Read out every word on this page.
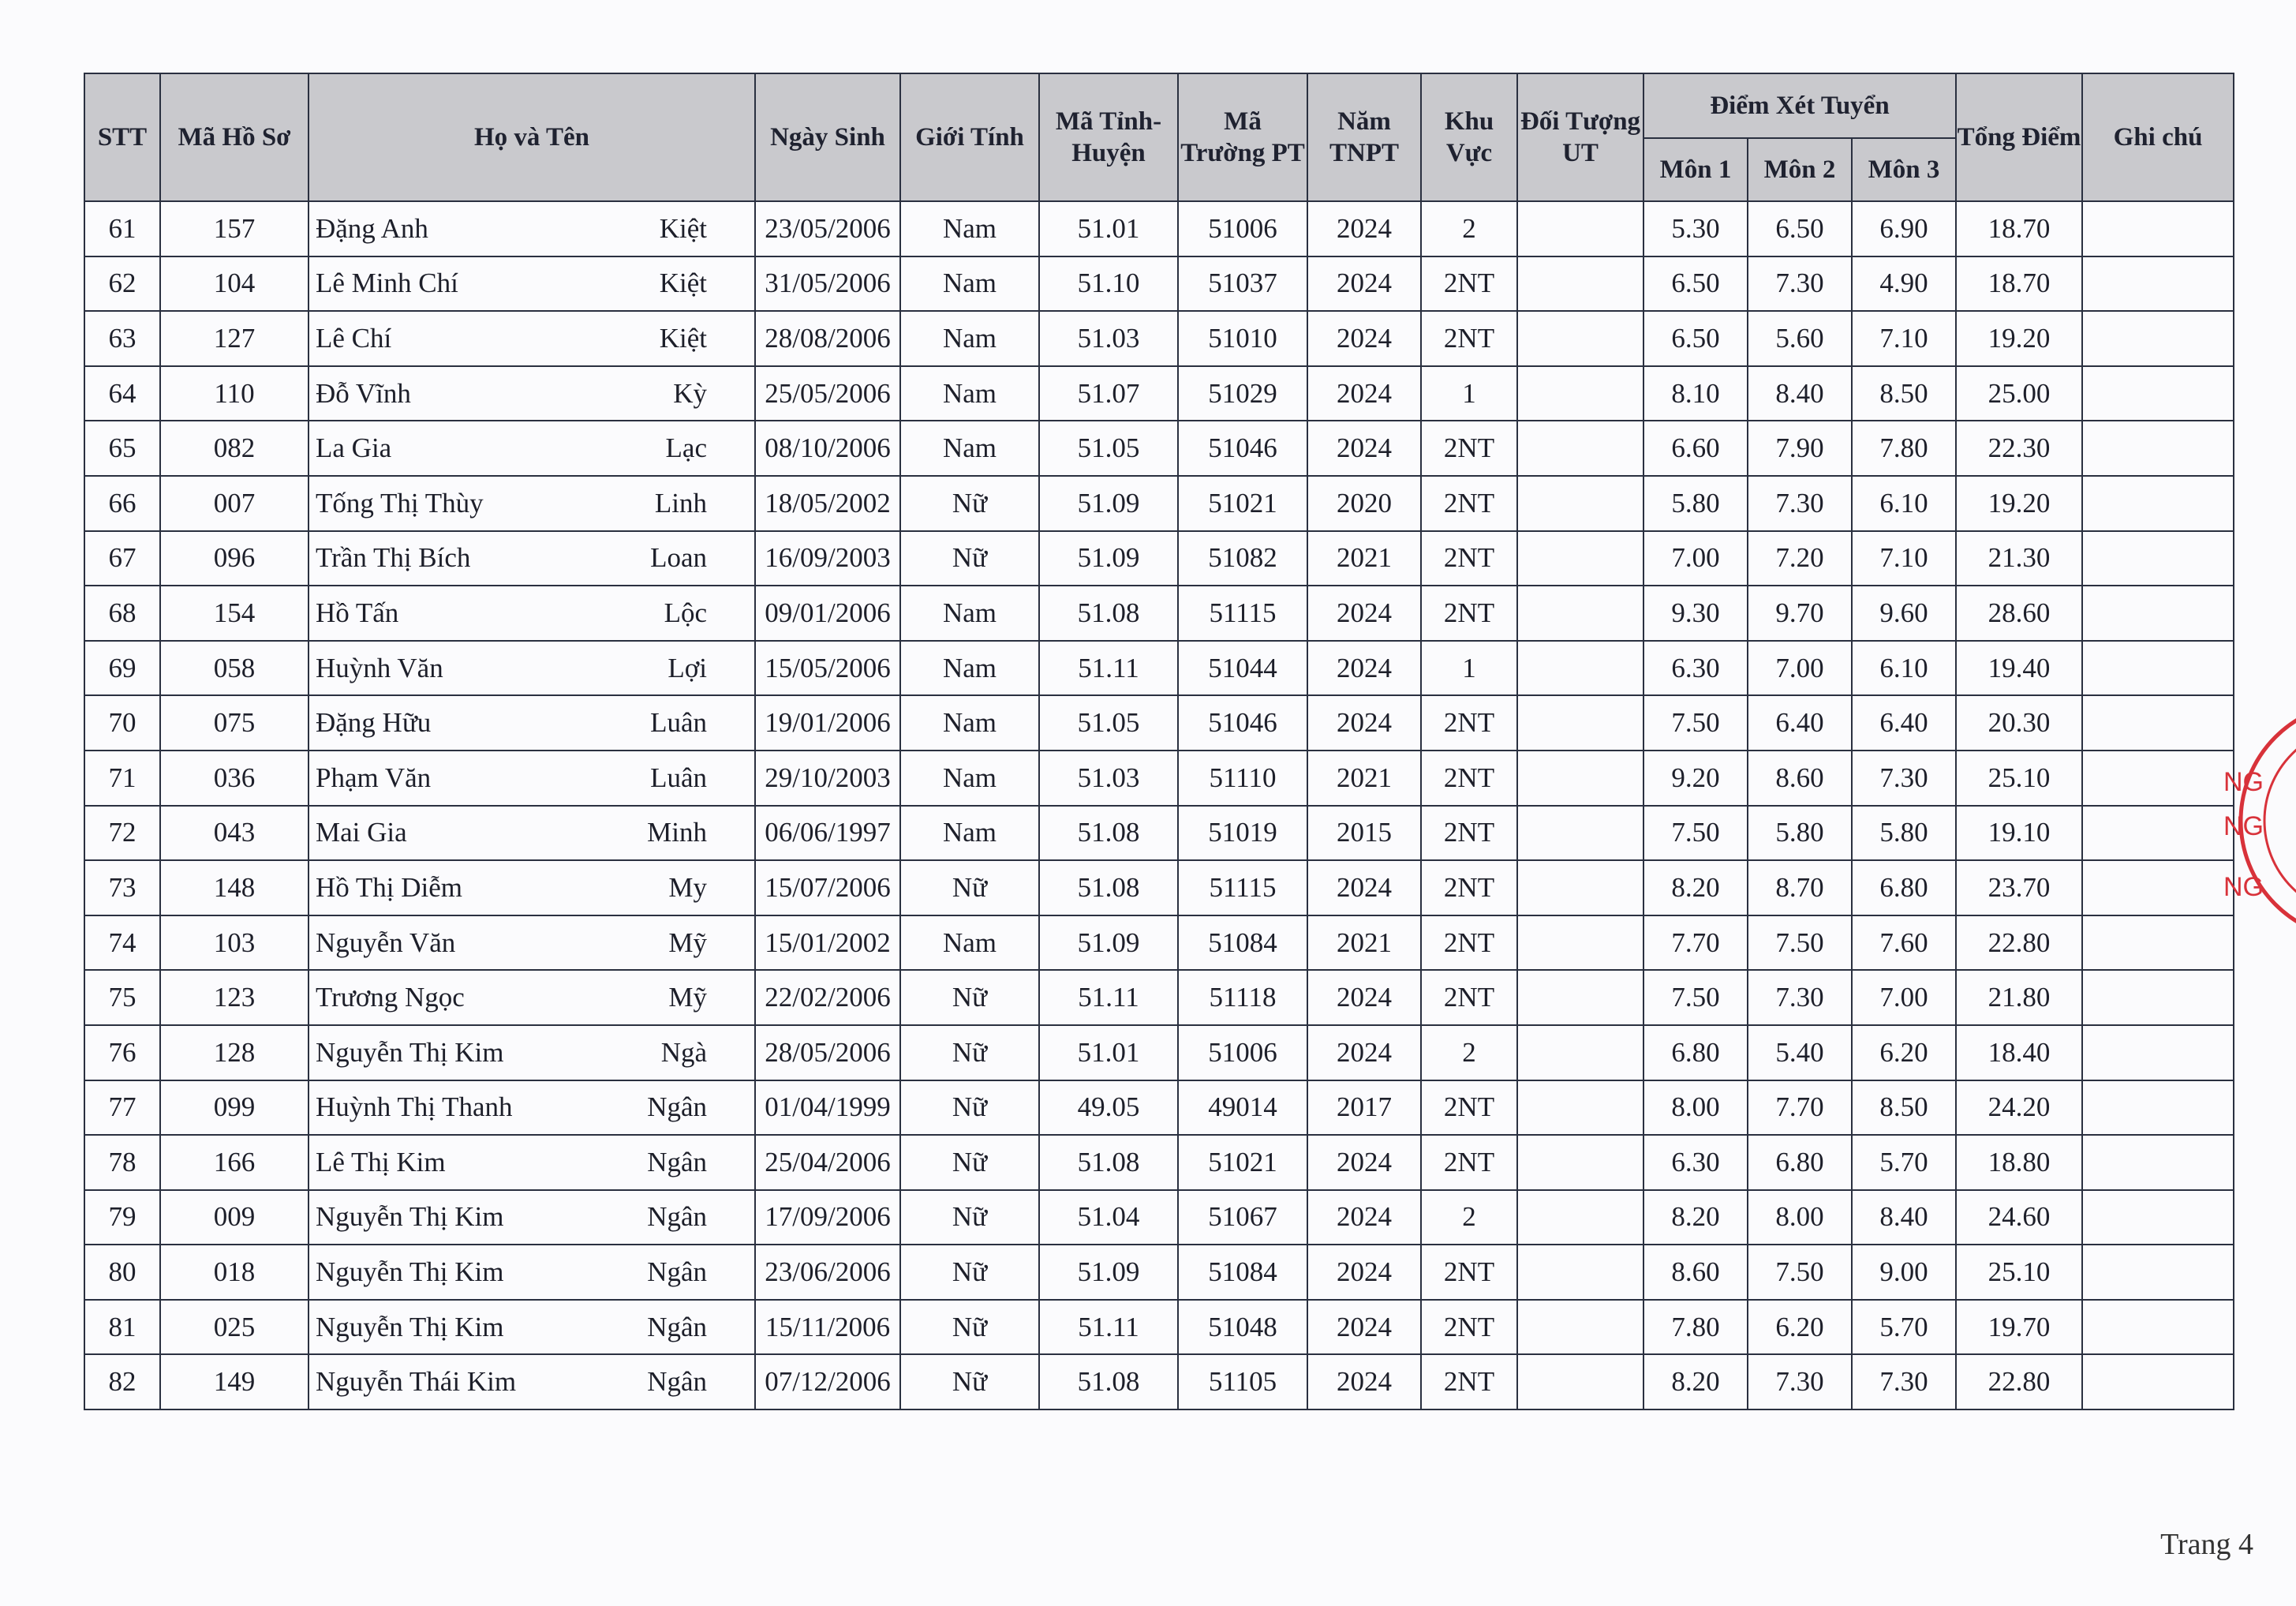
STT	Mã Hồ Sơ	Họ và Tên	Ngày Sinh	Giới Tính	Mã Tỉnh-Huyện	Mã Trường PT	Năm TNPT	Khu Vực	Đối Tượng UT	Điểm Xét Tuyển			Tổng Điểm	Ghi chú
										Môn 1	Môn 2	Môn 3		
61	157	Đặng Anh Kiệt	23/05/2006	Nam	51.01	51006	2024	2		5.30	6.50	6.90	18.70	
62	104	Lê Minh Chí Kiệt	31/05/2006	Nam	51.10	51037	2024	2NT		6.50	7.30	4.90	18.70	
63	127	Lê Chí Kiệt	28/08/2006	Nam	51.03	51010	2024	2NT		6.50	5.60	7.10	19.20	
64	110	Đỗ Vĩnh Kỳ	25/05/2006	Nam	51.07	51029	2024	1		8.10	8.40	8.50	25.00	
65	082	La Gia Lạc	08/10/2006	Nam	51.05	51046	2024	2NT		6.60	7.90	7.80	22.30	
66	007	Tống Thị Thùy Linh	18/05/2002	Nữ	51.09	51021	2020	2NT		5.80	7.30	6.10	19.20	
67	096	Trần Thị Bích Loan	16/09/2003	Nữ	51.09	51082	2021	2NT		7.00	7.20	7.10	21.30	
68	154	Hồ Tấn Lộc	09/01/2006	Nam	51.08	51115	2024	2NT		9.30	9.70	9.60	28.60	
69	058	Huỳnh Văn Lợi	15/05/2006	Nam	51.11	51044	2024	1		6.30	7.00	6.10	19.40	
70	075	Đặng Hữu Luân	19/01/2006	Nam	51.05	51046	2024	2NT		7.50	6.40	6.40	20.30	
71	036	Phạm Văn Luân	29/10/2003	Nam	51.03	51110	2021	2NT		9.20	8.60	7.30	25.10	
72	043	Mai Gia Minh	06/06/1997	Nam	51.08	51019	2015	2NT		7.50	5.80	5.80	19.10	
73	148	Hồ Thị Diễm My	15/07/2006	Nữ	51.08	51115	2024	2NT		8.20	8.70	6.80	23.70	
74	103	Nguyễn Văn Mỹ	15/01/2002	Nam	51.09	51084	2021	2NT		7.70	7.50	7.60	22.80	
75	123	Trương Ngọc Mỹ	22/02/2006	Nữ	51.11	51118	2024	2NT		7.50	7.30	7.00	21.80	
76	128	Nguyễn Thị Kim Ngà	28/05/2006	Nữ	51.01	51006	2024	2		6.80	5.40	6.20	18.40	
77	099	Huỳnh Thị Thanh Ngân	01/04/1999	Nữ	49.05	49014	2017	2NT		8.00	7.70	8.50	24.20	
78	166	Lê Thị Kim Ngân	25/04/2006	Nữ	51.08	51021	2024	2NT		6.30	6.80	5.70	18.80	
79	009	Nguyễn Thị Kim Ngân	17/09/2006	Nữ	51.04	51067	2024	2		8.20	8.00	8.40	24.60	
80	018	Nguyễn Thị Kim Ngân	23/06/2006	Nữ	51.09	51084	2024	2NT		8.60	7.50	9.00	25.10	
81	025	Nguyễn Thị Kim Ngân	15/11/2006	Nữ	51.11	51048	2024	2NT		7.80	6.20	5.70	19.70	
82	149	Nguyễn Thái Kim Ngân	07/12/2006	Nữ	51.08	51105	2024	2NT		8.20	7.30	7.30	22.80	
NG
NG
NG
Trang 4
